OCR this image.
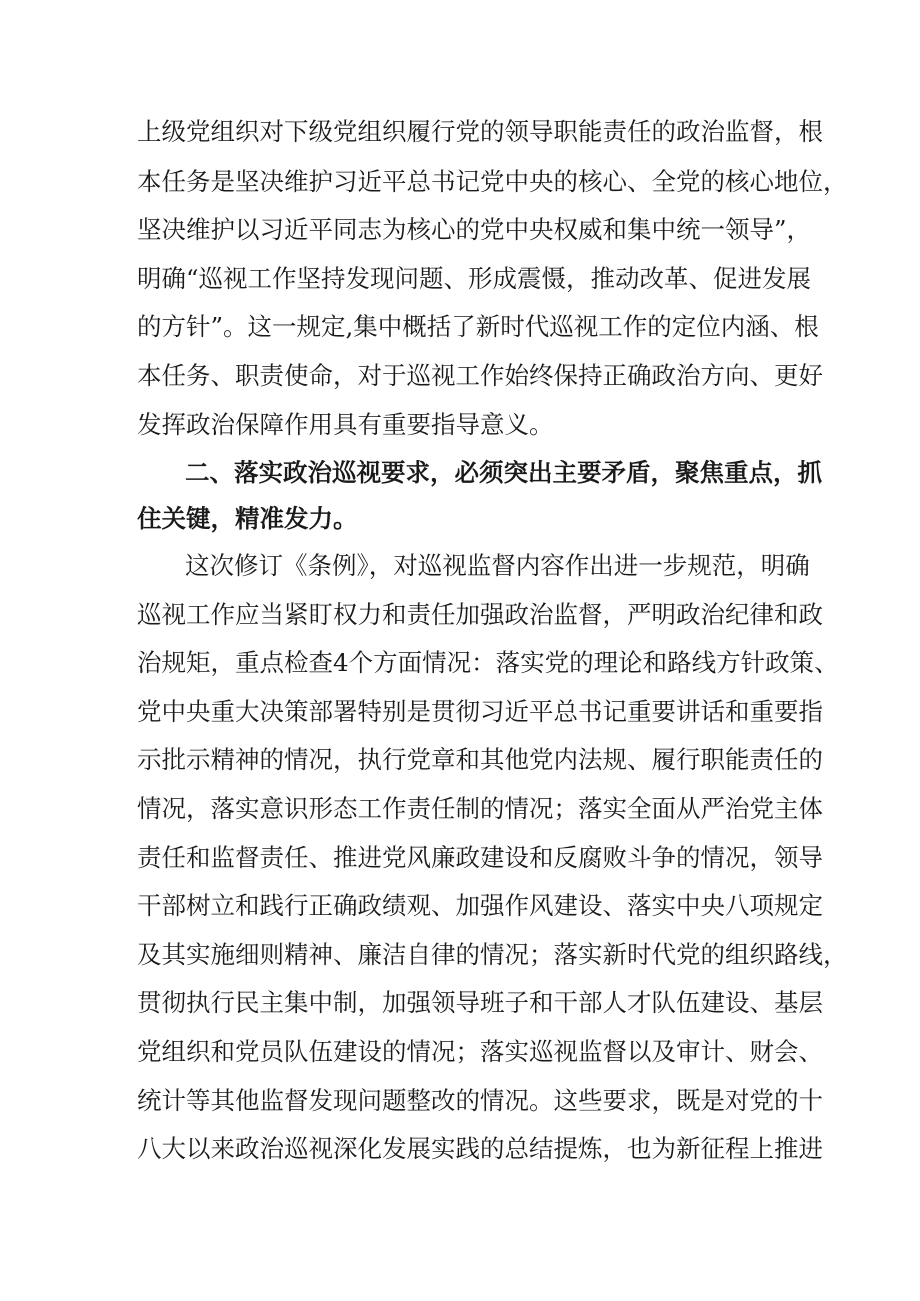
上级党组织对下级党组织履行党的领导职能责任的政治监督，根
本任务是坚决维护习近平总书记党中央的核心、全党的核心地位，
坚决维护以习近平同志为核心的党中央权威和集中统一领导”，
明确“巡视工作坚持发现问题、形成震慑，推动改革、促进发展
的方针”。这一规定,集中概括了新时代巡视工作的定位内涵、根
本任务、职责使命，对于巡视工作始终保持正确政治方向、更好
发挥政治保障作用具有重要指导意义。
二、落实政治巡视要求，必须突出主要矛盾，聚焦重点，抓
住关键，精准发力。
这次修订《条例》，对巡视监督内容作出进一步规范，明确
巡视工作应当紧盯权力和责任加强政治监督，严明政治纪律和政
治规矩，重点检查4个方面情况：落实党的理论和路线方针政策、
党中央重大决策部署特别是贯彻习近平总书记重要讲话和重要指
示批示精神的情况，执行党章和其他党内法规、履行职能责任的
情况，落实意识形态工作责任制的情况；落实全面从严治党主体
责任和监督责任、推进党风廉政建设和反腐败斗争的情况，领导
干部树立和践行正确政绩观、加强作风建设、落实中央八项规定
及其实施细则精神、廉洁自律的情况；落实新时代党的组织路线，
贯彻执行民主集中制，加强领导班子和干部人才队伍建设、基层
党组织和党员队伍建设的情况；落实巡视监督以及审计、财会、
统计等其他监督发现问题整改的情况。这些要求，既是对党的十
八大以来政治巡视深化发展实践的总结提炼，也为新征程上推进
